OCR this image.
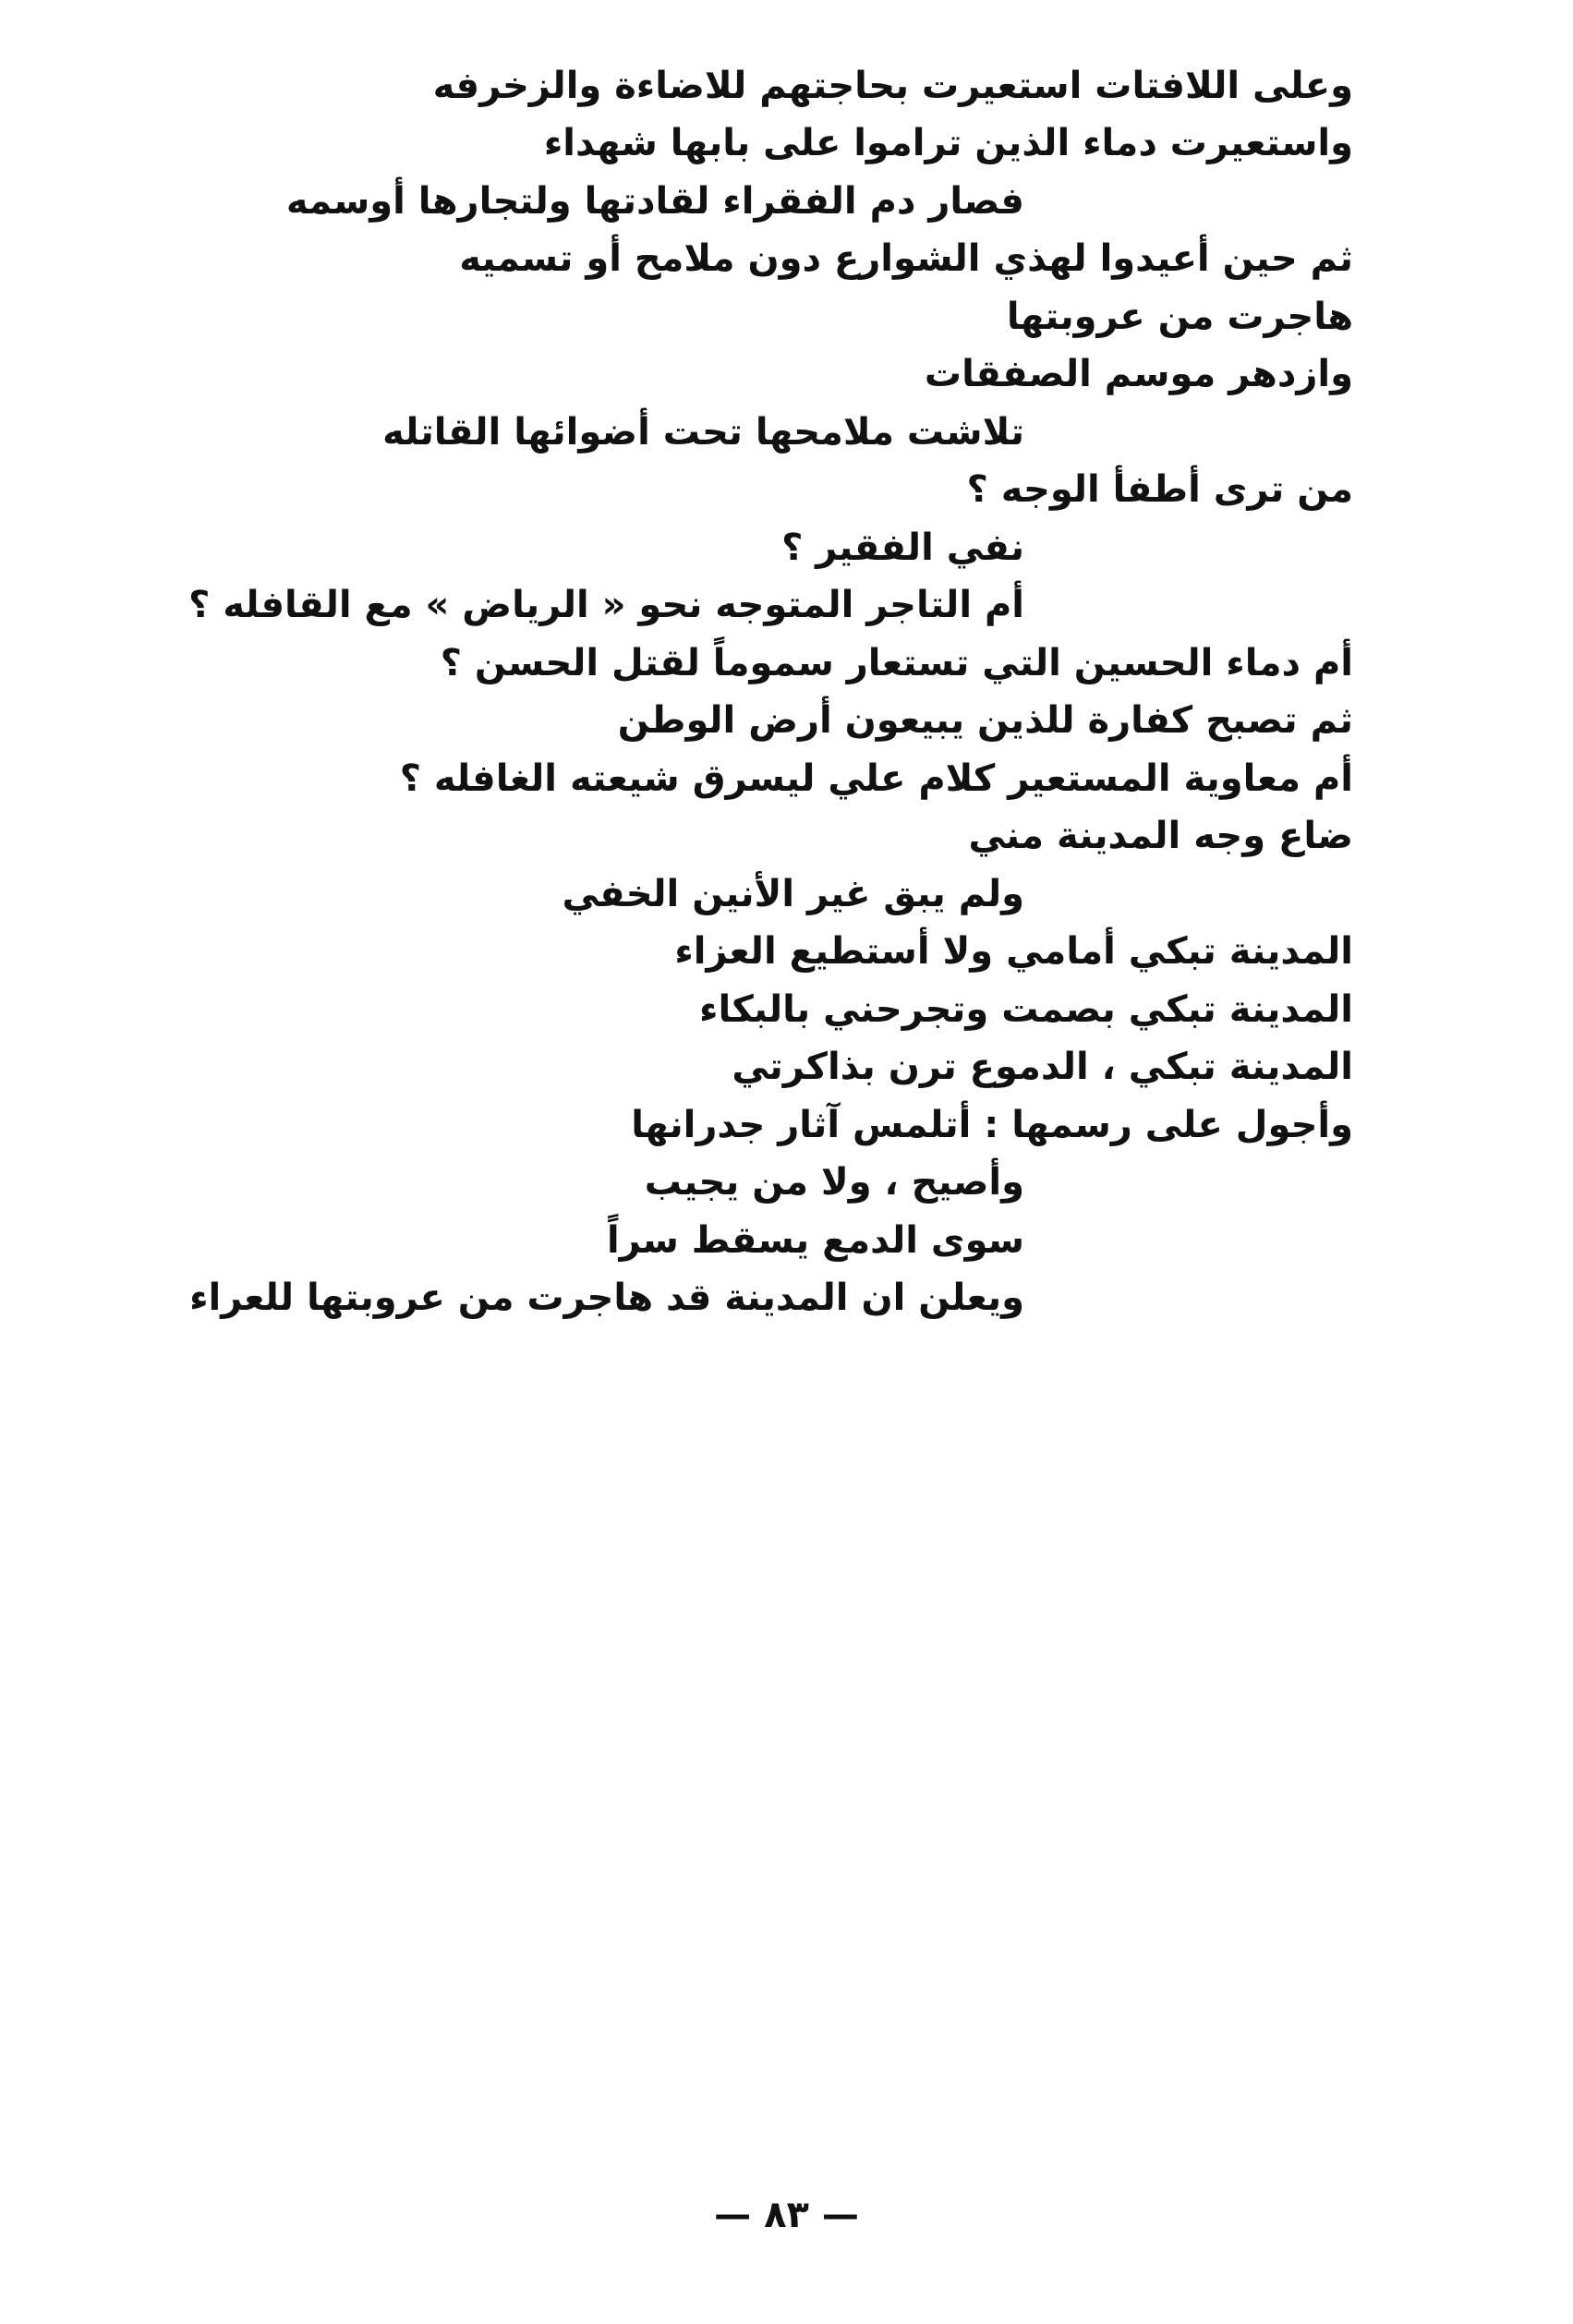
وعلى اللافتات استعيرت بحاجتهم للاضاءة والزخرفه
واستعيرت دماء الذين تراموا على بابها شهداء
فصار دم الفقراء لقادتها ولتجارها أوسمه
ثم حين أعيدوا لهذي الشوارع دون ملامح أو تسميه
هاجرت من عروبتها
وازدهر موسم الصفقات
تلاشت ملامحها تحت أضوائها القاتله
من ترى أطفأ الوجه ؟
نفي الفقير ؟
أم التاجر المتوجه نحو « الرياض » مع القافله ؟
أم دماء الحسين التي تستعار سموماً لقتل الحسن ؟
ثم تصبح كفارة للذين يبيعون أرض الوطن
أم معاوية المستعير كلام علي ليسرق شيعته الغافله ؟
ضاع وجه المدينة مني
ولم يبق غير الأنين الخفي
المدينة تبكي أمامي ولا أستطيع العزاء
المدينة تبكي بصمت وتجرحني بالبكاء
المدينة تبكي ، الدموع ترن بذاكرتي
وأجول على رسمها : أتلمس آثار جدرانها
وأصيح ، ولا من يجيب
سوى الدمع يسقط سراً
ويعلن ان المدينة قد هاجرت من عروبتها للعراء
— ٨٣ —
